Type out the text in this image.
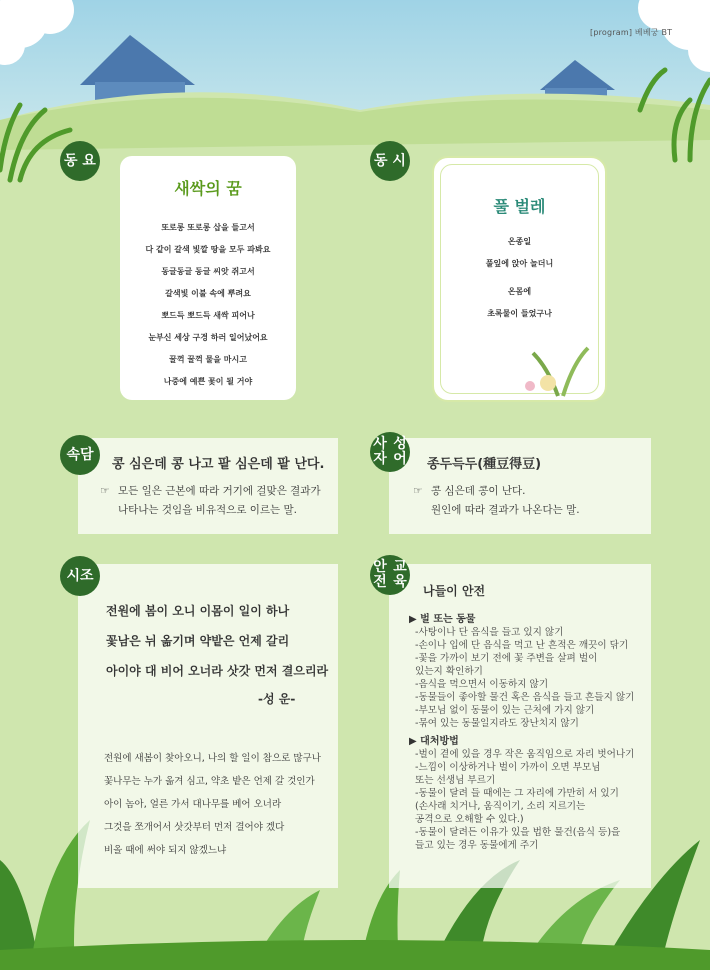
[program] 베베궁 BT
동 요
새싹의 꿈
또로롱 또로롱 삽을 들고서
다 같이 갈색 빛깔 땅을 모두 파봐요
동글동글 동글 씨앗 쥐고서
갈색빛 이불 속에 뿌려요
뽀드득 뽀드득 새싹 피어나
눈부신 세상 구경 하러 일어났어요
꿀꺽 꿀꺽 물을 마시고
나중에 예쁜 꽃이 될 거야
동 시
풀 벌레
온종일
풀잎에 앉아 놀더니
온몸에
초록물이 들었구나
콩 심은데 콩 나고 팥 심은데 팥 난다.
☞ 모든 일은 근본에 따라 거기에 걸맞은 결과가
나타나는 것임을 비유적으로 이르는 말.
속담
종두득두(種豆得豆)
☞ 콩 심은데 콩이 난다.
원인에 따라 결과가 나온다는 말.
사자

성어
전원에 봄이 오니 이몸이 일이 하나
꽃남은 뉘 옮기며 약밭은 언제 갈리
아이야 대 비어 오너라 삿갓 먼저 결으리라
-성 운-
전원에 새봄이 찾아오니, 나의 할 일이 참으로 많구나
꽃나무는 누가 옮겨 심고, 약초 밭은 언제 갈 것인가
아이 놈아, 얼른 가서 대나무를 베어 오너라
그것을 쪼개어서 삿갓부터 먼저 결어야 겠다
비올 때에 써야 되지 않겠느냐
시조
나들이 안전
▶ 벌 또는 동물
-사탕이나 단 음식을 들고 있지 않기
-손이나 입에 단 음식을 먹고 난 흔적은 깨끗이 닦기
-꽃을 가까이 보기 전에 꽃 주변을 살펴 벌이
있는지 확인하기
-음식을 먹으면서 이동하지 않기
-동물들이 좋아할 물건 혹은 음식을 들고 흔들지 않기
-부모님 없이 동물이 있는 근처에 가지 않기
-묶여 있는 동물일지라도 장난치지 않기
▶ 대처방법
-벌이 곁에 있을 경우 작은 움직임으로 자리 벗어나기
-느낌이 이상하거나 벌이 가까이 오면 부모님
또는 선생님 부르기
-동물이 달려 들 때에는 그 자리에 가만히 서 있기
(손사래 치거나, 움직이기, 소리 지르기는
공격으로 오해할 수 있다.)
-동물이 달려든 이유가 있을 법한 물건(음식 등)을
들고 있는 경우 동물에게 주기
안전

교육
